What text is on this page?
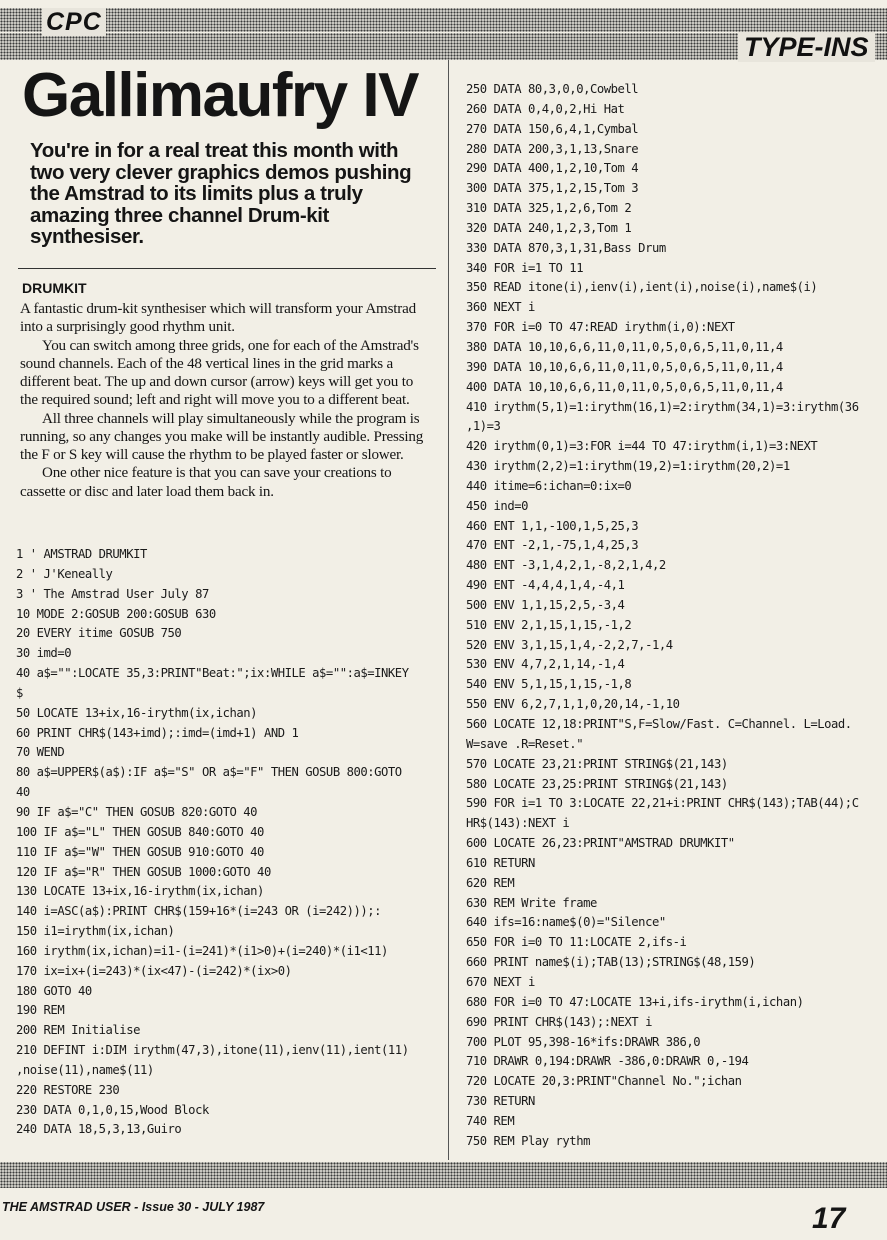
CPC
TYPE-INS
Gallimaufry IV
You're in for a real treat this month with two very clever graphics demos pushing the Amstrad to its limits plus a truly amazing three channel Drum-kit synthesiser.
DRUMKIT

A fantastic drum-kit synthesiser which will transform your Amstrad into a surprisingly good rhythm unit.

You can switch among three grids, one for each of the Amstrad's sound channels. Each of the 48 vertical lines in the grid marks a different beat. The up and down cursor (arrow) keys will get you to the required sound; left and right will move you to a different beat.

All three channels will play simultaneously while the program is running, so any changes you make will be instantly audible. Pressing the F or S key will cause the rhythm to be played faster or slower.

One other nice feature is that you can save your creations to cassette or disc and later load them back in.

1 ' AMSTRAD DRUMKIT
2 ' J'Keneally
3 ' The Amstrad User July 87
10 MODE 2:GOSUB 200:GOSUB 630
20 EVERY itime GOSUB 750
30 imd=0
40 a$="":LOCATE 35,3:PRINT"Beat:";ix:WHILE a$="":a$=INKEY
$
50 LOCATE 13+ix,16-irythm(ix,ichan)
60 PRINT CHR$(143+imd);:imd=(imd+1) AND 1
70 WEND
80 a$=UPPER$(a$):IF a$="S" OR a$="F" THEN GOSUB 800:GOTO
40
90 IF a$="C" THEN GOSUB 820:GOTO 40
100 IF a$="L" THEN GOSUB 840:GOTO 40
110 IF a$="W" THEN GOSUB 910:GOTO 40
120 IF a$="R" THEN GOSUB 1000:GOTO 40
130 LOCATE 13+ix,16-irythm(ix,ichan)
140 i=ASC(a$):PRINT CHR$(159+16*(i=243 OR (i=242)));:
150 i1=irythm(ix,ichan)
160 irythm(ix,ichan)=i1-(i=241)*(i1>0)+(i=240)*(i1<11)
170 ix=ix+(i=243)*(ix<47)-(i=242)*(ix>0)
180 GOTO 40
190 REM
200 REM Initialise
210 DEFINT i:DIM irythm(47,3),itone(11),ienv(11),ient(11)
,noise(11),name$(11)
220 RESTORE 230
230 DATA 0,1,0,15,Wood Block
240 DATA 18,5,3,13,Guiro
250 DATA 80,3,0,0,Cowbell
260 DATA 0,4,0,2,Hi Hat
270 DATA 150,6,4,1,Cymbal
280 DATA 200,3,1,13,Snare
290 DATA 400,1,2,10,Tom 4
300 DATA 375,1,2,15,Tom 3
310 DATA 325,1,2,6,Tom 2
320 DATA 240,1,2,3,Tom 1
330 DATA 870,3,1,31,Bass Drum
340 FOR i=1 TO 11
350 READ itone(i),ienv(i),ient(i),noise(i),name$(i)
360 NEXT i
370 FOR i=0 TO 47:READ irythm(i,0):NEXT
380 DATA 10,10,6,6,11,0,11,0,5,0,6,5,11,0,11,4
390 DATA 10,10,6,6,11,0,11,0,5,0,6,5,11,0,11,4
400 DATA 10,10,6,6,11,0,11,0,5,0,6,5,11,0,11,4
410 irythm(5,1)=1:irythm(16,1)=2:irythm(34,1)=3:irythm(36
,1)=3
420 irythm(0,1)=3:FOR i=44 TO 47:irythm(i,1)=3:NEXT
430 irythm(2,2)=1:irythm(19,2)=1:irythm(20,2)=1
440 itime=6:ichan=0:ix=0
450 ind=0
460 ENT 1,1,-100,1,5,25,3
470 ENT -2,1,-75,1,4,25,3
480 ENT -3,1,4,2,1,-8,2,1,4,2
490 ENT -4,4,4,1,4,-4,1
500 ENV 1,1,15,2,5,-3,4
510 ENV 2,1,15,1,15,-1,2
520 ENV 3,1,15,1,4,-2,2,7,-1,4
530 ENV 4,7,2,1,14,-1,4
540 ENV 5,1,15,1,15,-1,8
550 ENV 6,2,7,1,1,0,20,14,-1,10
560 LOCATE 12,18:PRINT"S,F=Slow/Fast. C=Channel. L=Load.
W=save .R=Reset."
570 LOCATE 23,21:PRINT STRING$(21,143)
580 LOCATE 23,25:PRINT STRING$(21,143)
590 FOR i=1 TO 3:LOCATE 22,21+i:PRINT CHR$(143);TAB(44);C
HR$(143):NEXT i
600 LOCATE 26,23:PRINT"AMSTRAD DRUMKIT"
610 RETURN
620 REM
630 REM Write frame
640 ifs=16:name$(0)="Silence"
650 FOR i=0 TO 11:LOCATE 2,ifs-i
660 PRINT name$(i);TAB(13);STRING$(48,159)
670 NEXT i
680 FOR i=0 TO 47:LOCATE 13+i,ifs-irythm(i,ichan)
690 PRINT CHR$(143);:NEXT i
700 PLOT 95,398-16*ifs:DRAWR 386,0
710 DRAWR 0,194:DRAWR -386,0:DRAWR 0,-194
720 LOCATE 20,3:PRINT"Channel No.";ichan
730 RETURN
740 REM
750 REM Play rythm
THE AMSTRAD USER - Issue 30 - JULY 1987	17
